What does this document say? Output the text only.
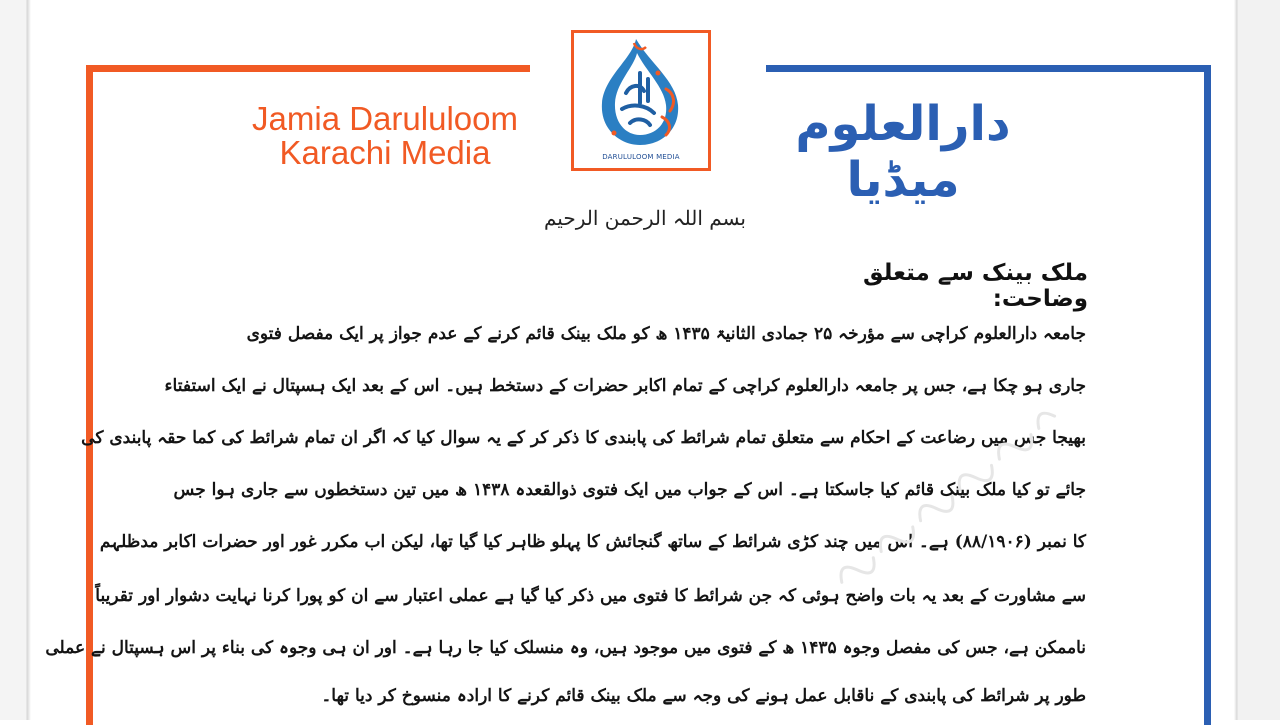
Jamia Darululoom
Karachi Media	DARULULOOM MEDIA
دارالعلوم میڈیا
بسم اللہ الرحمن الرحیم
ملک بینک سے متعلق وضاحت:
جامعہ دارالعلوم کراچی سے مؤرخہ ۲۵ جمادی الثانیۃ ۱۴۳۵ ھ کو ملک بینک قائم کرنے کے عدم جواز پر ایک مفصل فتوی
جاری ہو چکا ہے، جس پر جامعہ دارالعلوم کراچی کے تمام اکابر حضرات کے دستخط ہیں۔ اس کے بعد ایک ہسپتال نے ایک استفتاء
بھیجا جس میں رضاعت کے احکام سے متعلق تمام شرائط کی پابندی کا ذکر کر کے یہ سوال کیا کہ اگر ان تمام شرائط کی کما حقہ پابندی کی
جائے تو کیا ملک بینک قائم کیا جاسکتا ہے۔ اس کے جواب میں ایک فتوی ذوالقعدہ ۱۴۳۸ ھ میں تین دستخطوں سے جاری ہوا جس
کا نمبر (۸۸/۱۹۰۶) ہے۔ اس میں چند کڑی شرائط کے ساتھ گنجائش کا پہلو ظاہر کیا گیا تھا، لیکن اب مکرر غور اور حضرات اکابر مدظلہم
سے مشاورت کے بعد یہ بات واضح ہوئی کہ جن شرائط کا فتوی میں ذکر کیا گیا ہے عملی اعتبار سے ان کو پورا کرنا نہایت دشوار اور تقریباً
ناممکن ہے، جس کی مفصل وجوہ ۱۴۳۵ ھ کے فتوی میں موجود ہیں، وہ منسلک کیا جا رہا ہے۔ اور ان ہی وجوہ کی بناء پر اس ہسپتال نے عملی
طور پر شرائط کی پابندی کے ناقابل عمل ہونے کی وجہ سے ملک بینک قائم کرنے کا ارادہ منسوخ کر دیا تھا۔
